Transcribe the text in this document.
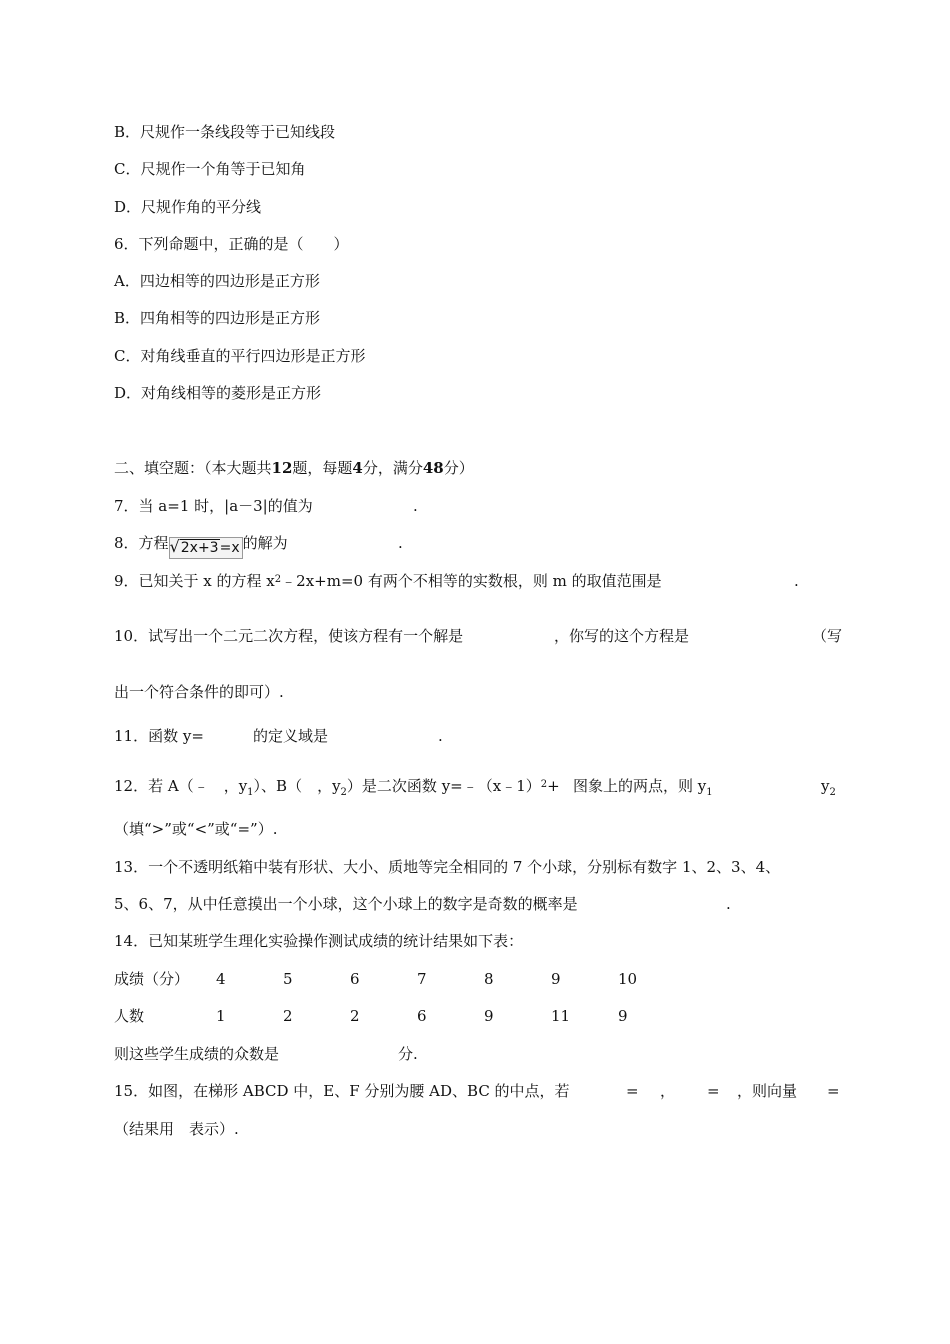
B．尺规作一条线段等于已知线段
C．尺规作一个角等于已知角
D．尺规作角的平分线
6．下列命题中，正确的是（　　）
A．四边相等的四边形是正方形
B．四角相等的四边形是正方形
C．对角线垂直的平行四边形是正方形
D．对角线相等的菱形是正方形
二、填空题：（本大题共12题，每题4分，满分48分）
7．当 a=1 时，|a－3|的值为	.
8．方程√2x+3=x 的解为	.
9．已知关于 x 的方程 $x^2﹣2x+m=0$ 有两个不相等的实数根，则 m 的取值范围是	.
10．试写出一个二元二次方程，使该方程有一个解是	，你写的这个方程是	（写
出一个符合条件的即可）.
11．函数 y=	的定义域是	.
12．若 A（﹣　，$y_1$）、B（　，$y_2$）是二次函数 y=﹣（x﹣1）$^2$+ 图象上的两点，则 $y_1$	$y_2$
（填“>”或“<”或“=”）.
13．一个不透明纸箱中装有形状、大小、质地等完全相同的 7 个小球，分别标有数字 1、2、3、4、
5、6、7，从中任意摸出一个小球，这个小球上的数字是奇数的概率是	.
14．已知某班学生理化实验操作测试成绩的统计结果如下表：
成绩（分） 4	5	6	7	8	9	10
人数	1	2	2	6	9	11	9
则这些学生成绩的众数是	分.
15．如图，在梯形 ABCD 中，E、F 分别为腰 AD、BC 的中点，若	= ， = ，则向量 =
（结果用　表示）.
